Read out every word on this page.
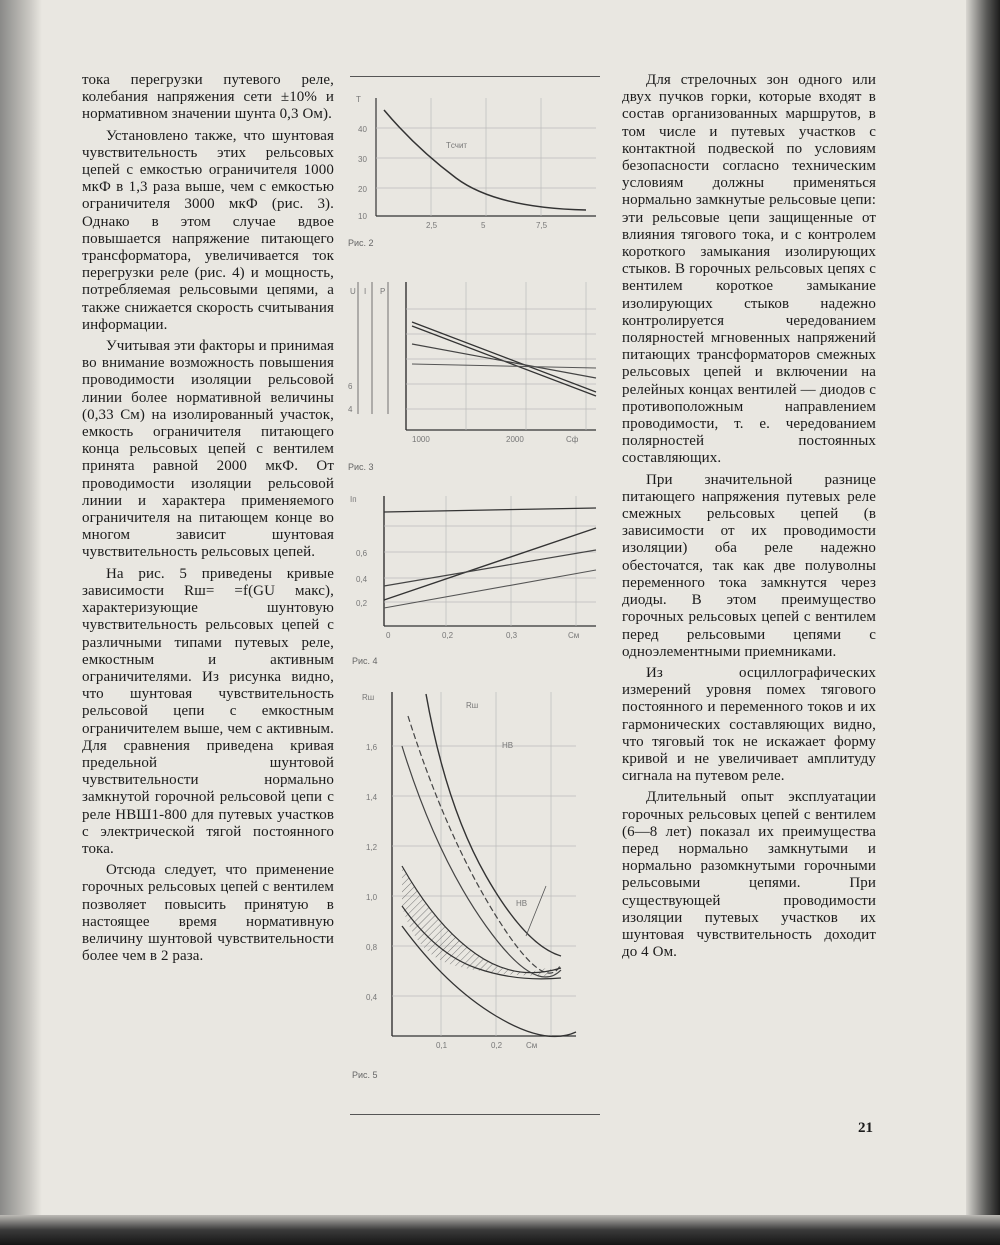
тока перегрузки путевого реле, колебания напряжения сети ±10% и нормативном значении шунта 0,3 Ом).

Установлено также, что шунтовая чувствительность этих рельсовых цепей с емкостью ограничителя 1000 мкФ в 1,3 раза выше, чем с емкостью ограничителя 3000 мкФ (рис. 3). Однако в этом случае вдвое повышается напряжение питающего трансформатора, увеличивается ток перегрузки реле (рис. 4) и мощность, потребляемая рельсовыми цепями, а также снижается скорость считывания информации.

Учитывая эти факторы и принимая во внимание возможность повышения проводимости изоляции рельсовой линии более нормативной величины (0,33 См) на изолированный участок, емкость ограничителя питающего конца рельсовых цепей с вентилем принята равной 2000 мкФ. От проводимости изоляции рельсовой линии и характера применяемого ограничителя на питающем конце во многом зависит шунтовая чувствительность рельсовых цепей.

На рис. 5 приведены кривые зависимости Rш= =f(GU макс), характеризующие шунтовую чувствительность рельсовых цепей с различными типами путевых реле, емкостным и активным ограничителями. Из рисунка видно, что шунтовая чувствительность рельсовой цепи с емкостным ограничителем выше, чем с активным. Для сравнения приведена кривая предельной шунтовой чувствительности нормально замкнутой горочной рельсовой цепи с реле НВШ1-800 для путевых участков с электрической тягой постоянного тока.

Отсюда следует, что применение горочных рельсовых цепей с вентилем позволяет повысить принятую в настоящее время нормативную величину шунтовой чувствительности более чем в 2 раза.

Т
40
30
20
10
2,5	5	7,5
Tсчит
Рис. 2
U I P
6
4
1000	2000	Сф
Рис. 3
Iп
0,6
0,4
0,2
0	0,2	0,3	См
Рис. 4
Rш
1,6
1,4
1,2
1,0
0,8
0,4
0,1	0,2	См
Rш
НВ
НВ
Рис. 5

Для стрелочных зон одного или двух пучков горки, которые входят в состав организованных маршрутов, в том числе и путевых участков с контактной подвеской по условиям безопасности согласно техническим условиям должны применяться нормально замкнутые рельсовые цепи: эти рельсовые цепи защищенные от влияния тягового тока, и с контролем короткого замыкания изолирующих стыков. В горочных рельсовых цепях с вентилем короткое замыкание изолирующих стыков надежно контролируется чередованием полярностей мгновенных напряжений питающих трансформаторов смежных рельсовых цепей и включении на релейных концах вентилей — диодов с противоположным направлением проводимости, т. е. чередованием полярностей постоянных составляющих.

При значительной разнице питающего напряжения путевых реле смежных рельсовых цепей (в зависимости от их проводимости изоляции) оба реле надежно обесточатся, так как две полуволны переменного тока замкнутся через диоды. В этом преимущество горочных рельсовых цепей с вентилем перед рельсовыми цепями с одноэлементными приемниками.

Из осциллографических измерений уровня помех тягового постоянного и переменного токов и их гармонических составляющих видно, что тяговый ток не искажает форму кривой и не увеличивает амплитуду сигнала на путевом реле.

Длительный опыт эксплуатации горочных рельсовых цепей с вентилем (6—8 лет) показал их преимущества перед нормально замкнутыми и нормально разомкнутыми горочными рельсовыми цепями. При существующей проводимости изоляции путевых участков их шунтовая чувствительность доходит до 4 Ом.

21
